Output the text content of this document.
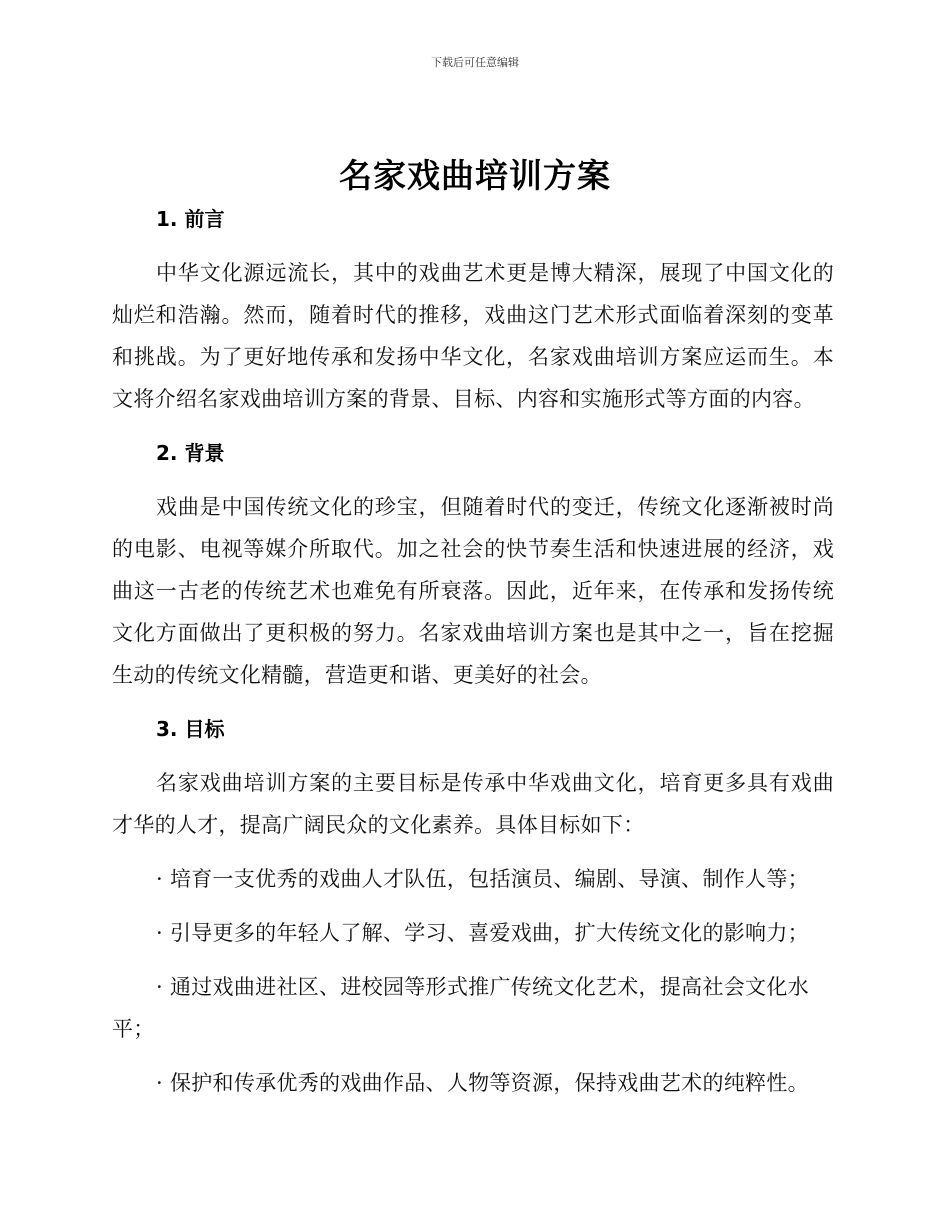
下载后可任意编辑
名家戏曲培训方案
1. 前言

中华文化源远流长，其中的戏曲艺术更是博大精深，展现了中国文化的灿烂和浩瀚。然而，随着时代的推移，戏曲这门艺术形式面临着深刻的变革和挑战。为了更好地传承和发扬中华文化，名家戏曲培训方案应运而生。本文将介绍名家戏曲培训方案的背景、目标、内容和实施形式等方面的内容。

2. 背景

戏曲是中国传统文化的珍宝，但随着时代的变迁，传统文化逐渐被时尚的电影、电视等媒介所取代。加之社会的快节奏生活和快速进展的经济，戏曲这一古老的传统艺术也难免有所衰落。因此，近年来，在传承和发扬传统文化方面做出了更积极的努力。名家戏曲培训方案也是其中之一，旨在挖掘生动的传统文化精髓，营造更和谐、更美好的社会。

3. 目标

名家戏曲培训方案的主要目标是传承中华戏曲文化，培育更多具有戏曲才华的人才，提高广阔民众的文化素养。具体目标如下：

· 培育一支优秀的戏曲人才队伍，包括演员、编剧、导演、制作人等；
· 引导更多的年轻人了解、学习、喜爱戏曲，扩大传统文化的影响力；
· 通过戏曲进社区、进校园等形式推广传统文化艺术，提高社会文化水平；
· 保护和传承优秀的戏曲作品、人物等资源，保持戏曲艺术的纯粹性。
